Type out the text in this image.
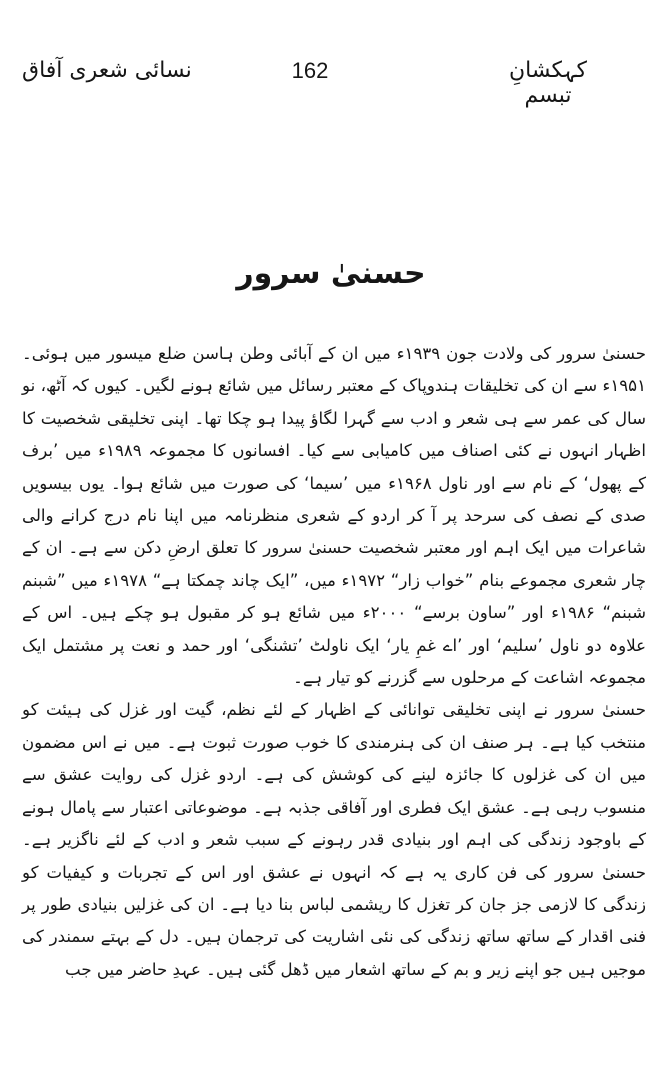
کہکشانِ تبسم
162
نسائی شعری آفاق
حسنیٰ سرور

حسنیٰ سرور کی ولادت جون ۱۹۳۹ء میں ان کے آبائی وطن ہاسن ضلع میسور میں ہوئی۔ ۱۹۵۱ء سے ان کی تخلیقات ہندوپاک کے معتبر رسائل میں شائع ہونے لگیں۔ کیوں کہ آٹھ، نو سال کی عمر سے ہی شعر و ادب سے گہرا لگاؤ پیدا ہو چکا تھا۔ اپنی تخلیقی شخصیت کا اظہار انہوں نے کئی اصناف میں کامیابی سے کیا۔ افسانوں کا مجموعہ ۱۹۸۹ء میں ’برف کے پھول‘ کے نام سے اور ناول ۱۹۶۸ء میں ’سیما‘ کی صورت میں شائع ہوا۔ یوں بیسویں صدی کے نصف کی سرحد پر آ کر اردو کے شعری منظرنامہ میں اپنا نام درج کرانے والی شاعرات میں ایک اہم اور معتبر شخصیت حسنیٰ سرور کا تعلق ارضِ دکن سے ہے۔ ان کے چار شعری مجموعے بنام ”خواب زار“ ۱۹۷۲ء میں، ”ایک چاند چمکتا ہے“ ۱۹۷۸ء میں ”شبنم شبنم“ ۱۹۸۶ء اور ”ساون برسے“ ۲۰۰۰ء میں شائع ہو کر مقبول ہو چکے ہیں۔ اس کے علاوہ دو ناول ’سلیم‘ اور ’اے غمِ یار‘ ایک ناولٹ ’تشنگی‘ اور حمد و نعت پر مشتمل ایک مجموعہ اشاعت کے مرحلوں سے گزرنے کو تیار ہے۔

حسنیٰ سرور نے اپنی تخلیقی توانائی کے اظہار کے لئے نظم، گیت اور غزل کی ہیئت کو منتخب کیا ہے۔ ہر صنف ان کی ہنرمندی کا خوب صورت ثبوت ہے۔ میں نے اس مضمون میں ان کی غزلوں کا جائزہ لینے کی کوشش کی ہے۔ اردو غزل کی روایت عشق سے منسوب رہی ہے۔ عشق ایک فطری اور آفاقی جذبہ ہے۔ موضوعاتی اعتبار سے پامال ہونے کے باوجود زندگی کی اہم اور بنیادی قدر رہونے کے سبب شعر و ادب کے لئے ناگزیر ہے۔ حسنیٰ سرور کی فن کاری یہ ہے کہ انہوں نے عشق اور اس کے تجربات و کیفیات کو زندگی کا لازمی جز جان کر تغزل کا ریشمی لباس بنا دیا ہے۔ ان کی غزلیں بنیادی طور پر فنی اقدار کے ساتھ ساتھ زندگی کی نئی اشاریت کی ترجمان ہیں۔ دل کے بہتے سمندر کی موجیں ہیں جو اپنے زیر و بم کے ساتھ اشعار میں ڈھل گئی ہیں۔ عہدِ حاضر میں جب
